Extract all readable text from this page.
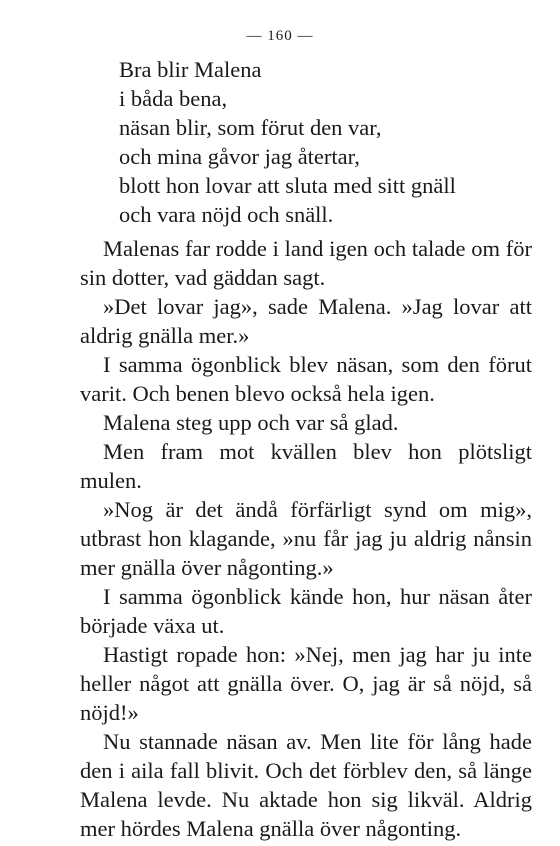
— 160 —
Bra blir Malena
i båda bena,
näsan blir, som förut den var,
och mina gåvor jag återtar,
blott hon lovar att sluta med sitt gnäll
och vara nöjd och snäll.

Malenas far rodde i land igen och talade om för sin dotter, vad gäddan sagt.

»Det lovar jag», sade Malena. »Jag lovar att aldrig gnälla mer.»

I samma ögonblick blev näsan, som den förut varit. Och benen blevo också hela igen.

Malena steg upp och var så glad.

Men fram mot kvällen blev hon plötsligt mulen.

»Nog är det ändå förfärligt synd om mig», utbrast hon klagande, »nu får jag ju aldrig nånsin mer gnälla över någonting.»

I samma ögonblick kände hon, hur näsan åter började växa ut.

Hastigt ropade hon: »Nej, men jag har ju inte heller något att gnälla över. O, jag är så nöjd, så nöjd!»

Nu stannade näsan av. Men lite för lång hade den i aila fall blivit. Och det förblev den, så länge Malena levde. Nu aktade hon sig likväl. Aldrig mer hördes Malena gnälla över någonting.
